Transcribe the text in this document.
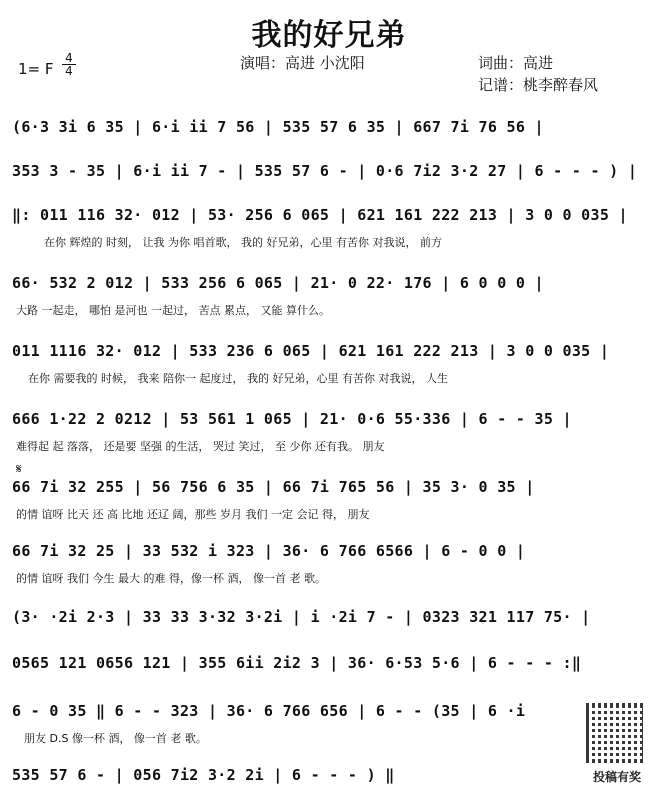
我的好兄弟
演唱：高进 小沈阳	词曲：高进
记谱：桃李醉春风
1= F
4
4
(6·3 3i 6 35 | 6·i ii 7 56 | 535 57 6 35 | 667 7i 76 56 |
353 3 - 35 | 6·i ii 7 - | 535 57 6 - | 0·6 7i2 3·2 27 | 6 - - - ) |
‖: 011 116 32· 012 | 53· 256 6 065 | 621 161 222 213 | 3 0 0 035 |
在你 辉煌的 时刻， 让我 为你 唱首歌， 我的 好兄弟，心里 有苦你 对我说， 前方
66· 532 2 012 | 533 256 6 065 | 21· 0 22· 176 | 6 0 0 0 |
大路 一起走， 哪怕 是河也 一起过， 苦点 累点， 又能 算什么。
011 1116 32· 012 | 533 236 6 065 | 621 161 222 213 | 3 0 0 035 |
在你 需要我的 时候， 我来 陪你一 起度过， 我的 好兄弟，心里 有苦你 对我说， 人生
666 1·22 2 0212 | 53 561 1 065 | 21· 0·6 55·336 | 6 - - 35 |
难得起 起 落落， 还是要 坚强 的生活， 哭过 笑过， 至 少你 还有我。 朋友
𝄋
66 7i 32 255 | 56 756 6 35 | 66 7i 765 56 | 35 3· 0 35 |
的情 谊呀 比天 还 高 比地 还辽 阔，那些 岁月 我们 一定 会记 得， 朋友
66 7i 32 25 | 33 532 i 323 | 36· 6 766 6566 | 6 - 0 0 |
的情 谊呀 我们 今生 最大 的难 得，像一杯 酒， 像一首 老 歌。
(3· ·2i 2·3 | 33 33 3·32 3·2i | i ·2i 7 - | 0323 321 117 75· |
0565 121 0656 121 | 355 6ii 2i2 3 | 36· 6·53 5·6 | 6 - - - :‖
6 - 0 35 ‖ 6 - - 323 | 36· 6 766 656 | 6 - - (35 | 6 ·i
朋友 D.S 像一杯 酒， 像一首 老 歌。
535 57 6 - | 056 7i2 3·2 2i | 6 - - - ) ‖	投稿有奖
